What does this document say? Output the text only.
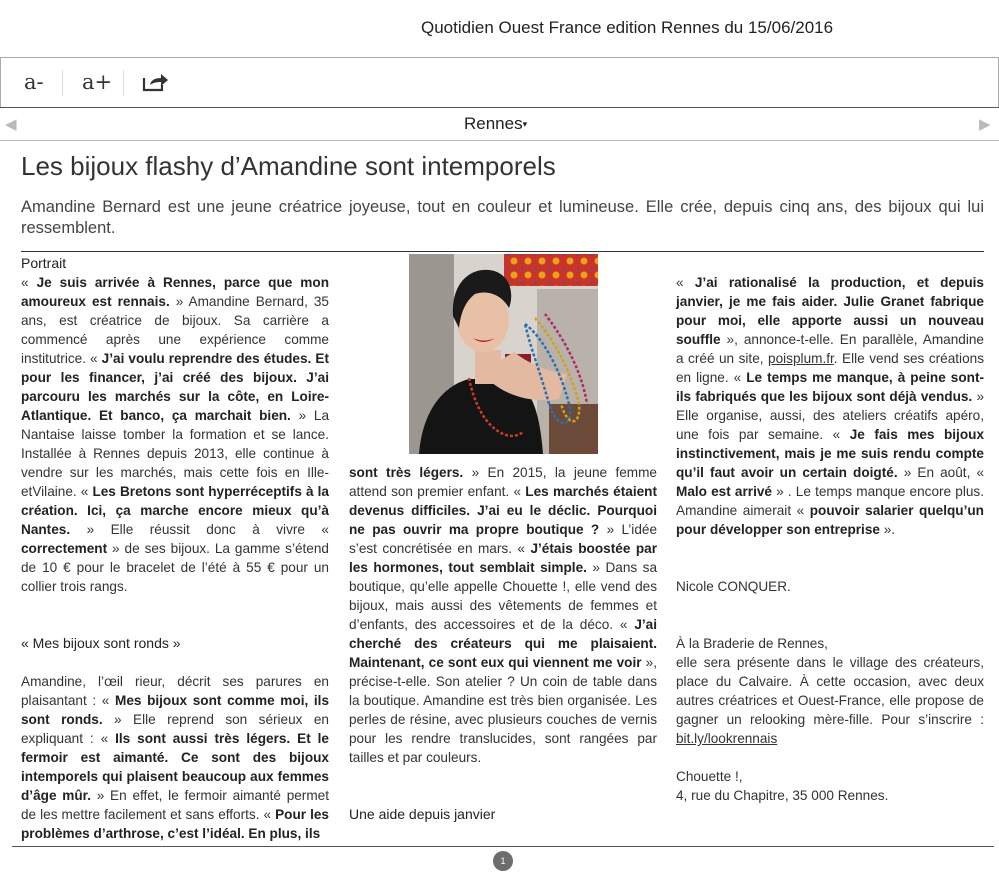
Quotidien Ouest France edition Rennes du 15/06/2016
a- a+
◀	Rennes▾	▶
Les bijoux flashy d’Amandine sont intemporels
Amandine Bernard est une jeune créatrice joyeuse, tout en couleur et lumineuse. Elle crée, depuis cinq ans, des bijoux qui lui ressemblent.

Portrait

« Je suis arrivée à Rennes, parce que mon amoureux est rennais. » Amandine Bernard, 35 ans, est créatrice de bijoux. Sa carrière a commencé après une expérience comme institutrice. « J’ai voulu reprendre des études. Et pour les financer, j’ai créé des bijoux. J’ai parcouru les marchés sur la côte, en Loire-Atlantique. Et banco, ça marchait bien. » La Nantaise laisse tomber la formation et se lance. Installée à Rennes depuis 2013, elle continue à vendre sur les marchés, mais cette fois en Ille-etVilaine. « Les Bretons sont hyperréceptifs à la création. Ici, ça marche encore mieux qu’à Nantes. » Elle réussit donc à vivre « correctement » de ses bijoux. La gamme s’étend de 10 € pour le bracelet de l’été à 55 € pour un collier trois rangs.

« Mes bijoux sont ronds »

Amandine, l’œil rieur, décrit ses parures en plaisantant : « Mes bijoux sont comme moi, ils sont ronds. » Elle reprend son sérieux en expliquant : « Ils sont aussi très légers. Et le fermoir est aimanté. Ce sont des bijoux intemporels qui plaisent beaucoup aux femmes d’âge mûr. » En effet, le fermoir aimanté permet de les mettre facilement et sans efforts. « Pour les problèmes d’arthrose, c’est l’idéal. En plus, ils

sont très légers. » En 2015, la jeune femme attend son premier enfant. « Les marchés étaient devenus difficiles. J’ai eu le déclic. Pourquoi ne pas ouvrir ma propre boutique ? » L’idée s’est concrétisée en mars. « J’étais boostée par les hormones, tout semblait simple. » Dans sa boutique, qu’elle appelle Chouette !, elle vend des bijoux, mais aussi des vêtements de femmes et d’enfants, des accessoires et de la déco. « J’ai cherché des créateurs qui me plaisaient. Maintenant, ce sont eux qui viennent me voir », précise-t-elle. Son atelier ? Un coin de table dans la boutique. Amandine est très bien organisée. Les perles de résine, avec plusieurs couches de vernis pour les rendre translucides, sont rangées par tailles et par couleurs.

Une aide depuis janvier

« J’ai rationalisé la production, et depuis janvier, je me fais aider. Julie Granet fabrique pour moi, elle apporte aussi un nouveau souffle », annonce-t-elle. En parallèle, Amandine a créé un site, poisplum.fr. Elle vend ses créations en ligne. « Le temps me manque, à peine sont-ils fabriqués que les bijoux sont déjà vendus. » Elle organise, aussi, des ateliers créatifs apéro, une fois par semaine. « Je fais mes bijoux instinctivement, mais je me suis rendu compte qu’il faut avoir un certain doigté. » En août, « Malo est arrivé » . Le temps manque encore plus. Amandine aimerait « pouvoir salarier quelqu’un pour développer son entreprise ».

Nicole CONQUER.

À la Braderie de Rennes,

elle sera présente dans le village des créateurs, place du Calvaire. À cette occasion, avec deux autres créatrices et Ouest-France, elle propose de gagner un relooking mère-fille. Pour s’inscrire : bit.ly/lookrennais

Chouette !,

4, rue du Chapitre, 35 000 Rennes.

1
